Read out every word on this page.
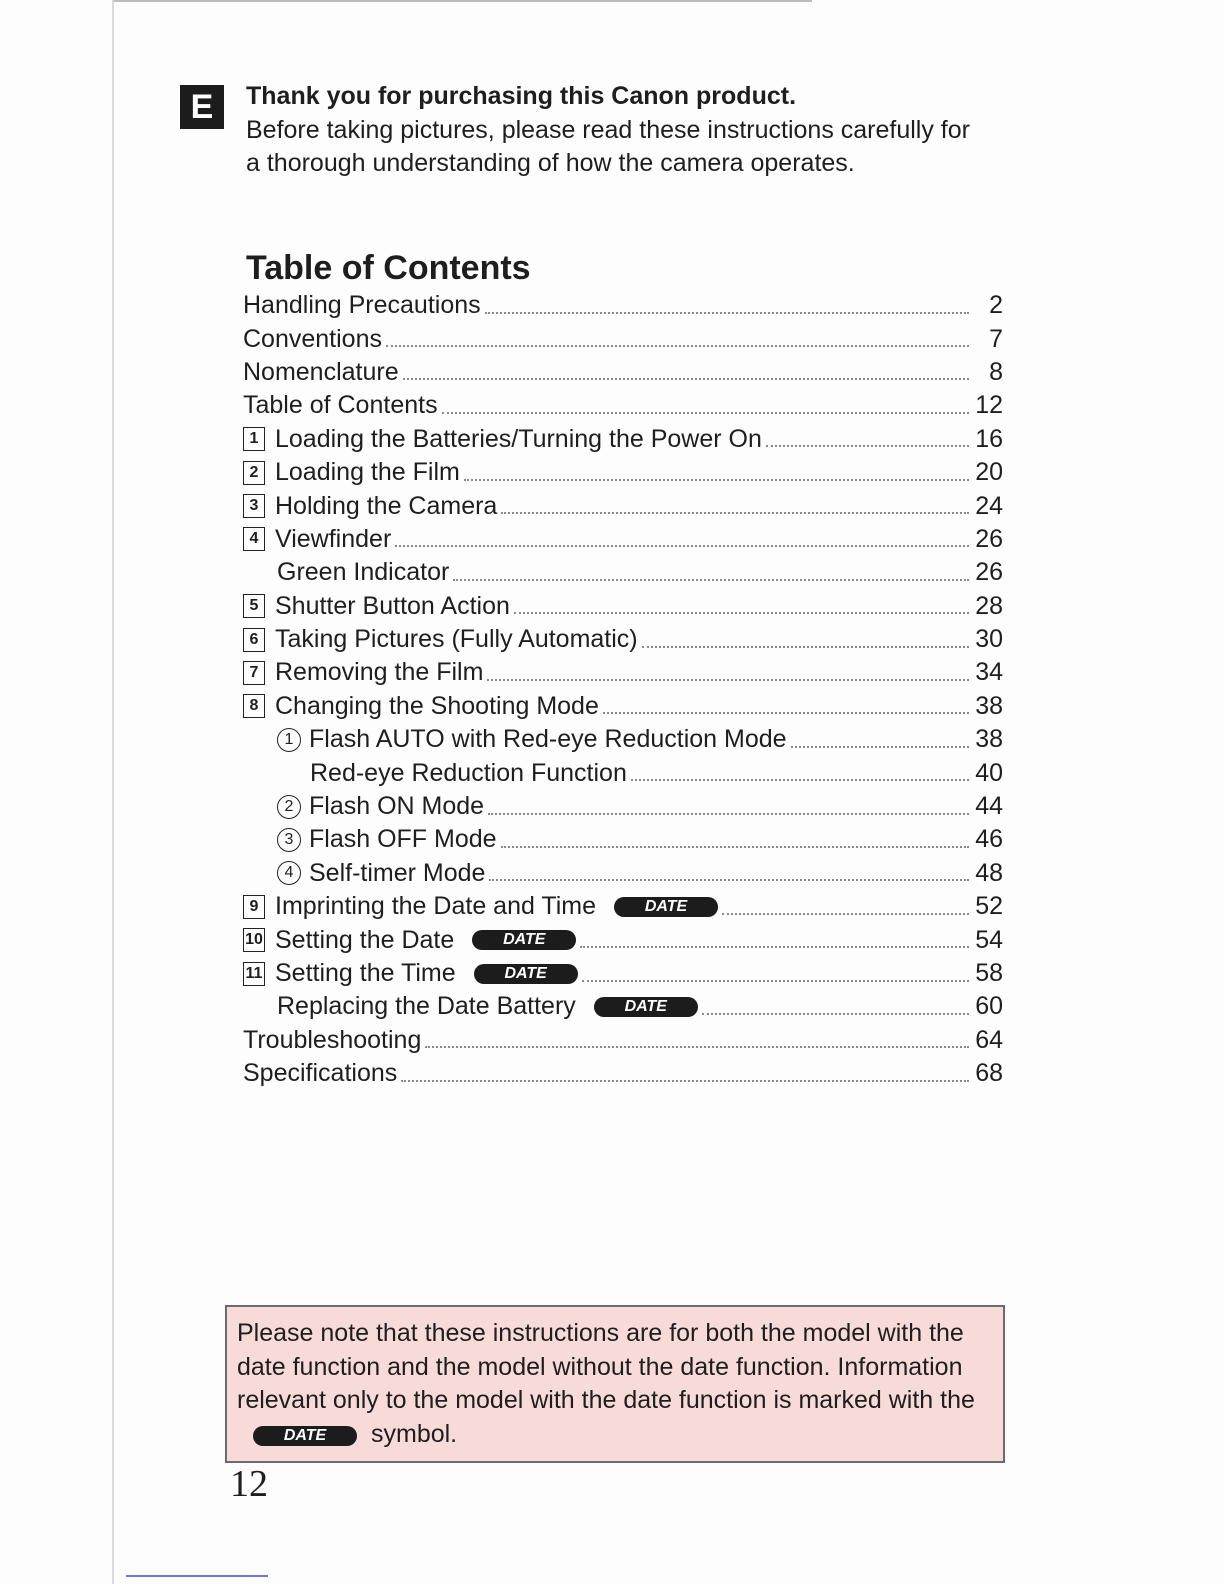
E	Thank you for purchasing this Canon product.
Before taking pictures, please read these instructions carefully for a thorough understanding of how the camera operates.
Table of Contents
Handling Precautions	2
Conventions	7
Nomenclature	8
Table of Contents	12
1 Loading the Batteries/Turning the Power On	16
2 Loading the Film	20
3 Holding the Camera	24
4 Viewfinder	26
Green Indicator	26
5 Shutter Button Action	28
6 Taking Pictures (Fully Automatic)	30
7 Removing the Film	34
8 Changing the Shooting Mode	38
1 Flash AUTO with Red-eye Reduction Mode	38
Red-eye Reduction Function	40
2 Flash ON Mode	44
3 Flash OFF Mode	46
4 Self-timer Mode	48
9 Imprinting the Date and Time	DATE	52
10 Setting the Date	DATE	54
11 Setting the Time	DATE	58
Replacing the Date Battery	DATE	60
Troubleshooting	64
Specifications	68
Please note that these instructions are for both the model with the date function and the model without the date function. Information relevant only to the model with the date function is marked with theDATE symbol.
12
